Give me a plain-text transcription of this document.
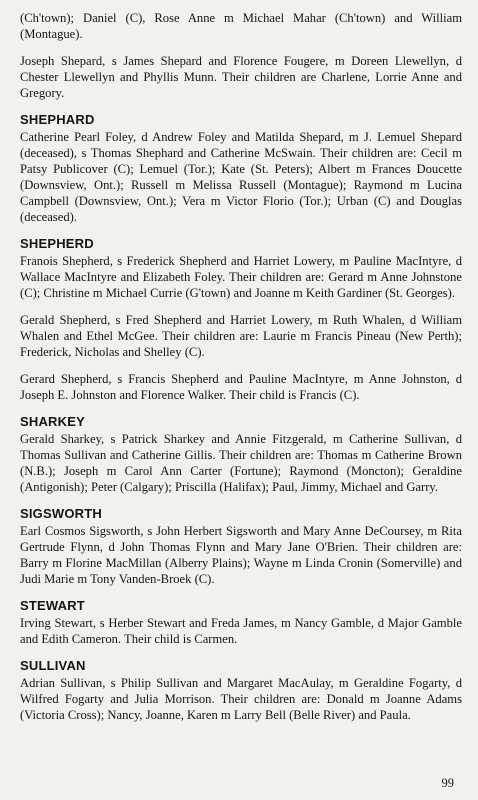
(Ch'town); Daniel (C), Rose Anne m Michael Mahar (Ch'town) and William (Montague).

Joseph Shepard, s James Shepard and Florence Fougere, m Doreen Llewellyn, d Chester Llewellyn and Phyllis Munn. Their children are Charlene, Lorrie Anne and Gregory.

SHEPHARD

Catherine Pearl Foley, d Andrew Foley and Matilda Shepard, m J. Lemuel Shepard (deceased), s Thomas Shephard and Catherine McSwain. Their children are: Cecil m Patsy Publicover (C); Lemuel (Tor.); Kate (St. Peters); Albert m Frances Doucette (Downsview, Ont.); Russell m Melissa Russell (Montague); Raymond m Lucina Campbell (Downsview, Ont.); Vera m Victor Florio (Tor.); Urban (C) and Douglas (deceased).

SHEPHERD

Franois Shepherd, s Frederick Shepherd and Harriet Lowery, m Pauline MacIntyre, d Wallace MacIntyre and Elizabeth Foley. Their children are: Gerard m Anne Johnstone (C); Christine m Michael Currie (G'town) and Joanne m Keith Gardiner (St. Georges).

Gerald Shepherd, s Fred Shepherd and Harriet Lowery, m Ruth Whalen, d William Whalen and Ethel McGee. Their children are: Laurie m Francis Pineau (New Perth); Frederick, Nicholas and Shelley (C).

Gerard Shepherd, s Francis Shepherd and Pauline MacIntyre, m Anne Johnston, d Joseph E. Johnston and Florence Walker. Their child is Francis (C).

SHARKEY

Gerald Sharkey, s Patrick Sharkey and Annie Fitzgerald, m Catherine Sullivan, d Thomas Sullivan and Catherine Gillis. Their children are: Thomas m Catherine Brown (N.B.); Joseph m Carol Ann Carter (Fortune); Raymond (Moncton); Geraldine (Antigonish); Peter (Calgary); Priscilla (Halifax); Paul, Jimmy, Michael and Garry.

SIGSWORTH

Earl Cosmos Sigsworth, s John Herbert Sigsworth and Mary Anne DeCoursey, m Rita Gertrude Flynn, d John Thomas Flynn and Mary Jane O'Brien. Their children are: Barry m Florine MacMillan (Alberry Plains); Wayne m Linda Cronin (Somerville) and Judi Marie m Tony Vanden-Broek (C).

STEWART

Irving Stewart, s Herber Stewart and Freda James, m Nancy Gamble, d Major Gamble and Edith Cameron. Their child is Carmen.

SULLIVAN

Adrian Sullivan, s Philip Sullivan and Margaret MacAulay, m Geraldine Fogarty, d Wilfred Fogarty and Julia Morrison. Their children are: Donald m Joanne Adams (Victoria Cross); Nancy, Joanne, Karen m Larry Bell (Belle River) and Paula.

99
